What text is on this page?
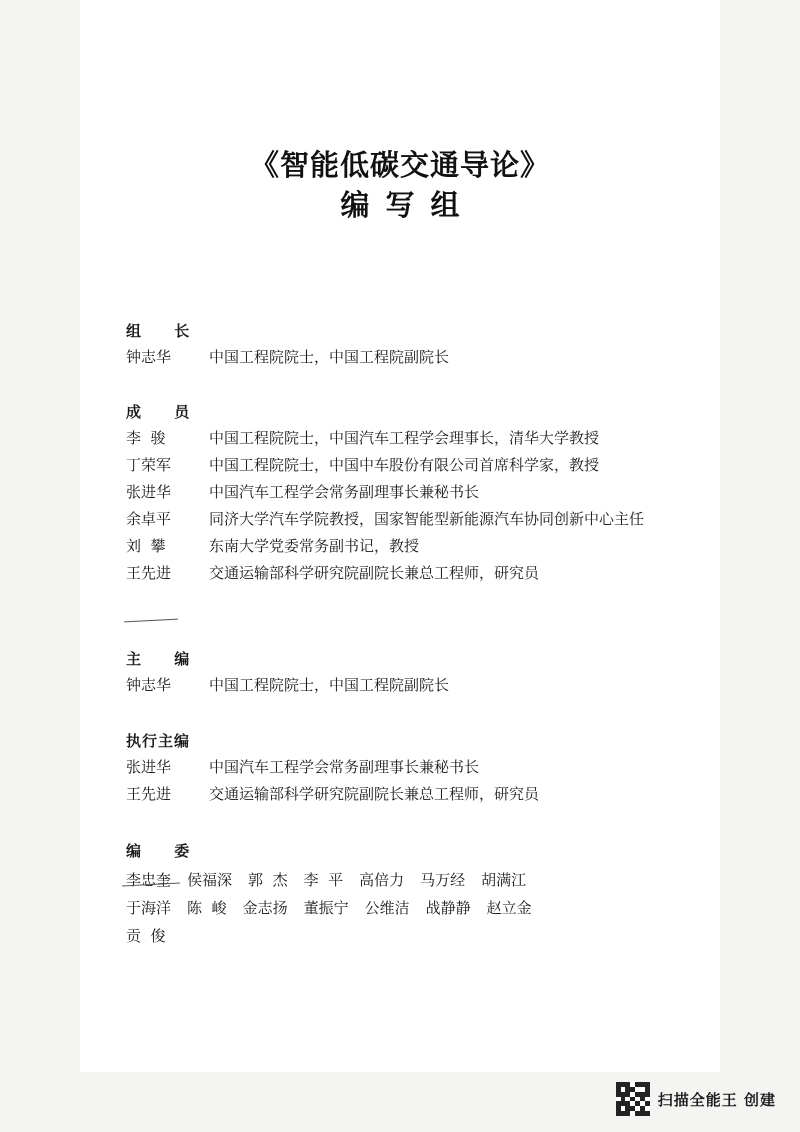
《智能低碳交通导论》
编写组
组 长
钟志华	中国工程院院士，中国工程院副院长
成 员
李  骏	中国工程院院士，中国汽车工程学会理事长，清华大学教授
丁荣军	中国工程院院士，中国中车股份有限公司首席科学家，教授
张进华	中国汽车工程学会常务副理事长兼秘书长
余卓平	同济大学汽车学院教授，国家智能型新能源汽车协同创新中心主任
刘  攀	东南大学党委常务副书记，教授
王先进	交通运输部科学研究院副院长兼总工程师，研究员
主 编
钟志华	中国工程院院士，中国工程院副院长
执行主编
张进华	中国汽车工程学会常务副理事长兼秘书长
王先进	交通运输部科学研究院副院长兼总工程师，研究员
编 委
李忠奎 侯福深 郭  杰 李  平 高倍力 马万经 胡满江
于海洋 陈  峻 金志扬 董振宁 公维洁 战静静 赵立金
贡  俊
扫描全能王 创建
